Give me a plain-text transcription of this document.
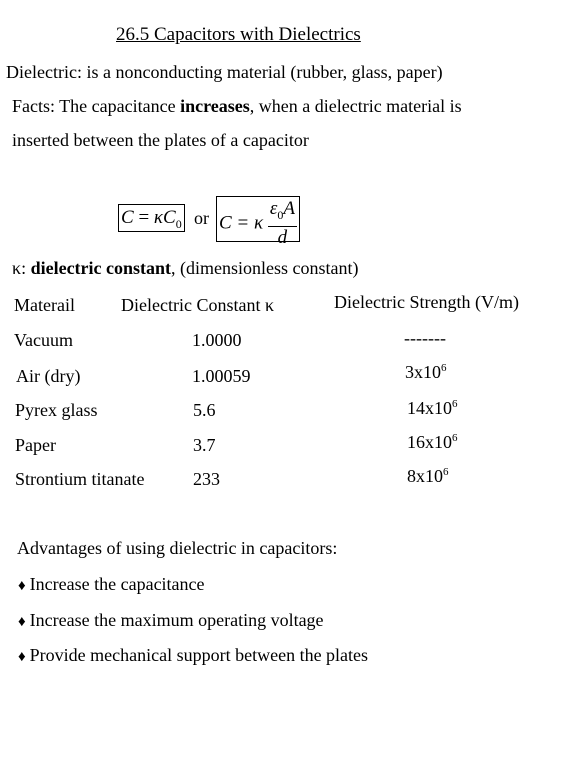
26.5 Capacitors with Dielectrics
Dielectric: is a nonconducting material (rubber, glass, paper)
Facts: The capacitance increases, when a dielectric material is
inserted between the plates of a capacitor
$C = \kappa C_0$ or C = κ $\frac{\varepsilon_0A}{d}$
κ: dielectric constant, (dimensionless constant)
Materail	Dielectric Constant κ	Dielectric Strength (V/m)
Vacuum	1.0000	-------
Air (dry)	1.00059	$3x10^6$
Pyrex glass	5.6	$14x10^6$
Paper	3.7	$16x10^6$
Strontium titanate	233	$8x10^6$
Advantages of using dielectric in capacitors:
♦ Increase the capacitance
♦ Increase the maximum operating voltage
♦ Provide mechanical support between the plates
